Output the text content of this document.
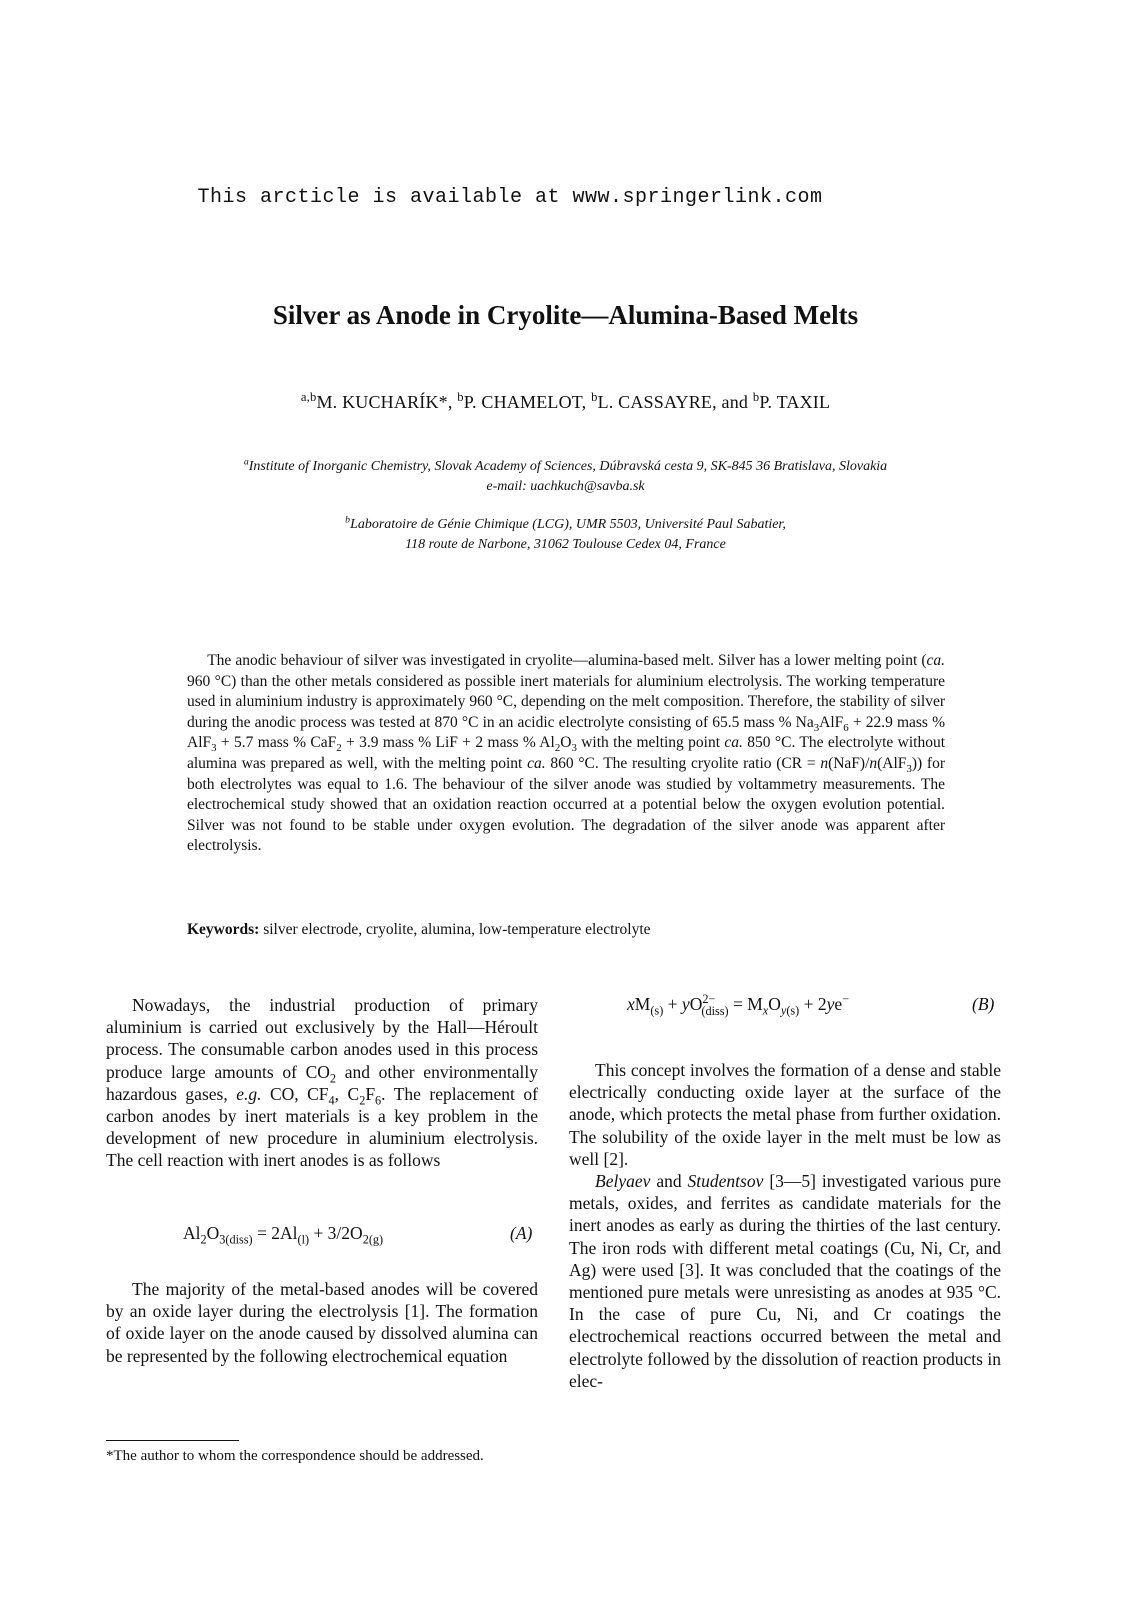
This arcticle is available at www.springerlink.com
Silver as Anode in Cryolite—Alumina-Based Melts
$^{a,b}$M. KUCHARÍK*, $^b$P. CHAMELOT, $^b$L. CASSAYRE, and $^b$P. TAXIL
$^a$Institute of Inorganic Chemistry, Slovak Academy of Sciences, Dúbravská cesta 9, SK-845 36 Bratislava, Slovakia
e-mail: uachkuch@savba.sk
$^b$Laboratoire de Génie Chimique (LCG), UMR 5503, Université Paul Sabatier,
118 route de Narbone, 31062 Toulouse Cedex 04, France
The anodic behaviour of silver was investigated in cryolite—alumina-based melt. Silver has a lower melting point (ca. 960 °C) than the other metals considered as possible inert materials for aluminium electrolysis. The working temperature used in aluminium industry is approximately 960 °C, depending on the melt composition. Therefore, the stability of silver during the anodic process was tested at 870 °C in an acidic electrolyte consisting of 65.5 mass % $Na_3AlF_6 + 22.9$ mass % AlF$_3$ + 5.7 mass % CaF$_2$ + 3.9 mass % LiF + 2 mass % $Al_2O_3$ with the melting point ca. 850 °C. The electrolyte without alumina was prepared as well, with the melting point ca. 860 °C. The resulting cryolite ratio (CR = n(NaF)/n(AlF$_3$)) for both electrolytes was equal to 1.6. The behaviour of the silver anode was studied by voltammetry measurements. The electrochemical study showed that an oxidation reaction occurred at a potential below the oxygen evolution potential. Silver was not found to be stable under oxygen evolution. The degradation of the silver anode was apparent after electrolysis.
Keywords: silver electrode, cryolite, alumina, low-temperature electrolyte

Nowadays, the industrial production of primary aluminium is carried out exclusively by the Hall—Héroult process. The consumable carbon anodes used in this process produce large amounts of $CO_2$ and other environmentally hazardous gases, e.g. CO, $CF_4$, $C_2F_6$. The replacement of carbon anodes by inert materials is a key problem in the development of new procedure in aluminium electrolysis. The cell reaction with inert anodes is as follows

$Al_2O_{3(diss)} = 2Al_{(l)} + 3/2O_{2(g)}$	(A)

The majority of the metal-based anodes will be covered by an oxide layer during the electrolysis [1]. The formation of oxide layer on the anode caused by dissolved alumina can be represented by the following electrochemical equation

$xM_{(s)} + yO^{2-}_{(diss)} = M_xO_{y(s)} + 2ye^-$	(B)

This concept involves the formation of a dense and stable electrically conducting oxide layer at the surface of the anode, which protects the metal phase from further oxidation. The solubility of the oxide layer in the melt must be low as well [2].

Belyaev and Studentsov [3—5] investigated various pure metals, oxides, and ferrites as candidate materials for the inert anodes as early as during the thirties of the last century. The iron rods with different metal coatings (Cu, Ni, Cr, and Ag) were used [3]. It was concluded that the coatings of the mentioned pure metals were unresisting as anodes at 935 °C. In the case of pure Cu, Ni, and Cr coatings the electrochemical reactions occurred between the metal and electrolyte followed by the dissolution of reaction products in elec-

*The author to whom the correspondence should be addressed.
